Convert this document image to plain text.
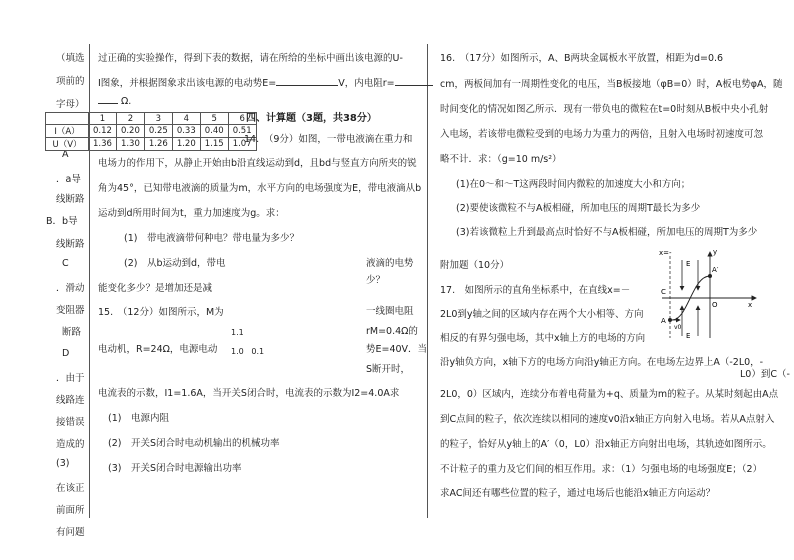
（填选
项前的
字母）
A
．a导
线断路
B．b导
线断路
C
．滑动
变阻器
断路
D
．由于
线路连
接错误
造成的
(3)
在该正
前面所
有问题
过正确的实验操作，得到下表的数据，请在所给的坐标中画出该电源的U-
I图象，并根据图象求出该电源的电动势E=	V，内电阻r=
Ω.
	1	2	3	4	5	6
I（A）	0.12	0.20	0.25	0.33	0.40	0.51
U（V）	1.36	1.30	1.26	1.20	1.15	1.07
四、计算题（3题，共38分）
14.　（9分）如图，一带电液滴在重力和
电场力的作用下，从静止开始由b沿直线运动到d，且bd与竖直方向所夹的锐
角为45°，已知带电液滴的质量为m，水平方向的电场强度为E，带电液滴从b
运动到d所用时间为t，重力加速度为g。求：
(1)　带电液滴带何种电？带电量为多少？
(2)　从b运动到d，带电	液滴的电势
能变化多少？是增加还是减
少？
15.　（12分）如图所示，M为	一线圈电阻
1.1	rM=0.4Ω的
电动机，R=24Ω，电源电动	势E=40V．当
1.0 0.1
S断开时，
电流表的示数，I1=1.6A，当开关S闭合时，电流表的示数为I2=4.0A求
(1)　电源内阻
(2)　开关S闭合时电动机输出的机械功率
(3)　开关S闭合时电源输出功率
16.　（17分）如图所示，A、B两块金属板水平放置，相距为d=0.6
cm，两板间加有一周期性变化的电压，当B板接地（φB=0）时，A板电势φA，随
时间变化的情况如图乙所示．现有一带负电的微粒在t=0时刻从B板中央小孔射
入电场，若该带电微粒受到的电场力为重力的两倍，且射入电场时初速度可忽
略不计．求：（g=10 m/s²）
(1)在0～和～T这两段时间内微粒的加速度大小和方向；
(2)要使该微粒不与A板相碰，所加电压的周期T最长为多少
(3)若该微粒上升到最高点时恰好不与A板相碰，所加电压的周期T为多少
附加题（10分）
17.　如图所示的直角坐标系中，在直线x=－
2L0到y轴之间的区域内存在两个大小相等、方向
相反的有界匀强电场，其中x轴上方的电场的方向
沿y轴负方向，x轴下方的电场方向沿y轴正方向。在电场左边界上A（-2L0，-
L0）到C（-
2L0，0）区域内，连续分布着电荷量为+q、质量为m的粒子。从某时刻起由A点
到C点间的粒子，依次连续以相同的速度v0沿x轴正方向射入电场。若从A点射入
的粒子，恰好从y轴上的A′（0，L0）沿x轴正方向射出电场，其轨迹如图所示。
不计粒子的重力及它们间的相互作用。求：（1）匀强电场的电场强度E；（2）
求AC间还有哪些位置的粒子，通过电场后也能沿x轴正方向运动？
x=-	y
E
A′
C
O	x
A
v0
E
